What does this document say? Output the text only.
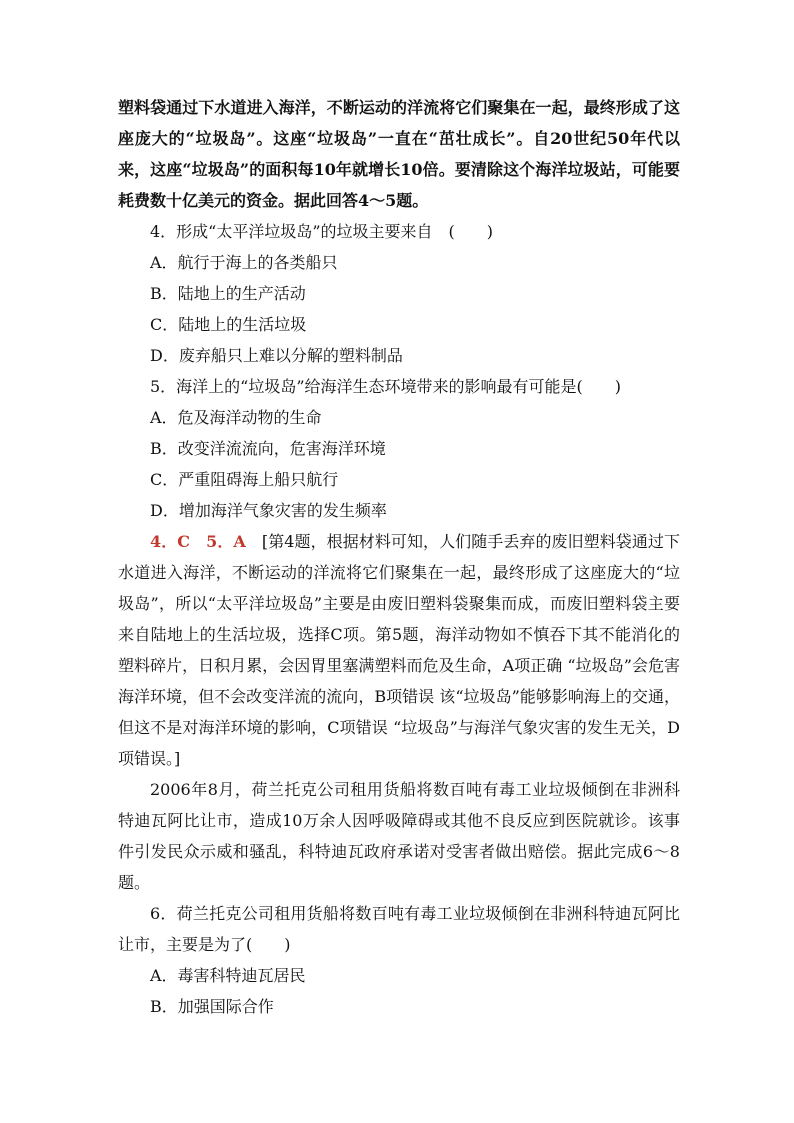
塑料袋通过下水道进入海洋，不断运动的洋流将它们聚集在一起，最终形成了这座庞大的“垃圾岛”。这座“垃圾岛”一直在“茁壮成长”。自20世纪50年代以来，这座“垃圾岛”的面积每10年就增长10倍。要清除这个海洋垃圾站，可能要耗费数十亿美元的资金。据此回答4～5题。

4．形成“太平洋垃圾岛”的垃圾主要来自　(　　)

A．航行于海上的各类船只
B．陆地上的生产活动
C．陆地上的生活垃圾
D．废弃船只上难以分解的塑料制品

5．海洋上的“垃圾岛”给海洋生态环境带来的影响最有可能是(　　)

A．危及海洋动物的生命
B．改变洋流流向，危害海洋环境
C．严重阻碍海上船只航行
D．增加海洋气象灾害的发生频率

4．C　5．A　[第4题，根据材料可知，人们随手丢弃的废旧塑料袋通过下水道进入海洋，不断运动的洋流将它们聚集在一起，最终形成了这座庞大的“垃圾岛”，所以“太平洋垃圾岛”主要是由废旧塑料袋聚集而成，而废旧塑料袋主要来自陆地上的生活垃圾，选择C项。第5题，海洋动物如不慎吞下其不能消化的塑料碎片，日积月累，会因胃里塞满塑料而危及生命，A项正确 “垃圾岛”会危害海洋环境，但不会改变洋流的流向，B项错误 该“垃圾岛”能够影响海上的交通，但这不是对海洋环境的影响，C项错误 “垃圾岛”与海洋气象灾害的发生无关，D项错误。]

2006年8月，荷兰托克公司租用货船将数百吨有毒工业垃圾倾倒在非洲科特迪瓦阿比让市，造成10万余人因呼吸障碍或其他不良反应到医院就诊。该事件引发民众示威和骚乱，科特迪瓦政府承诺对受害者做出赔偿。据此完成6～8题。

6．荷兰托克公司租用货船将数百吨有毒工业垃圾倾倒在非洲科特迪瓦阿比让市，主要是为了(　　)

A．毒害科特迪瓦居民
B．加强国际合作
